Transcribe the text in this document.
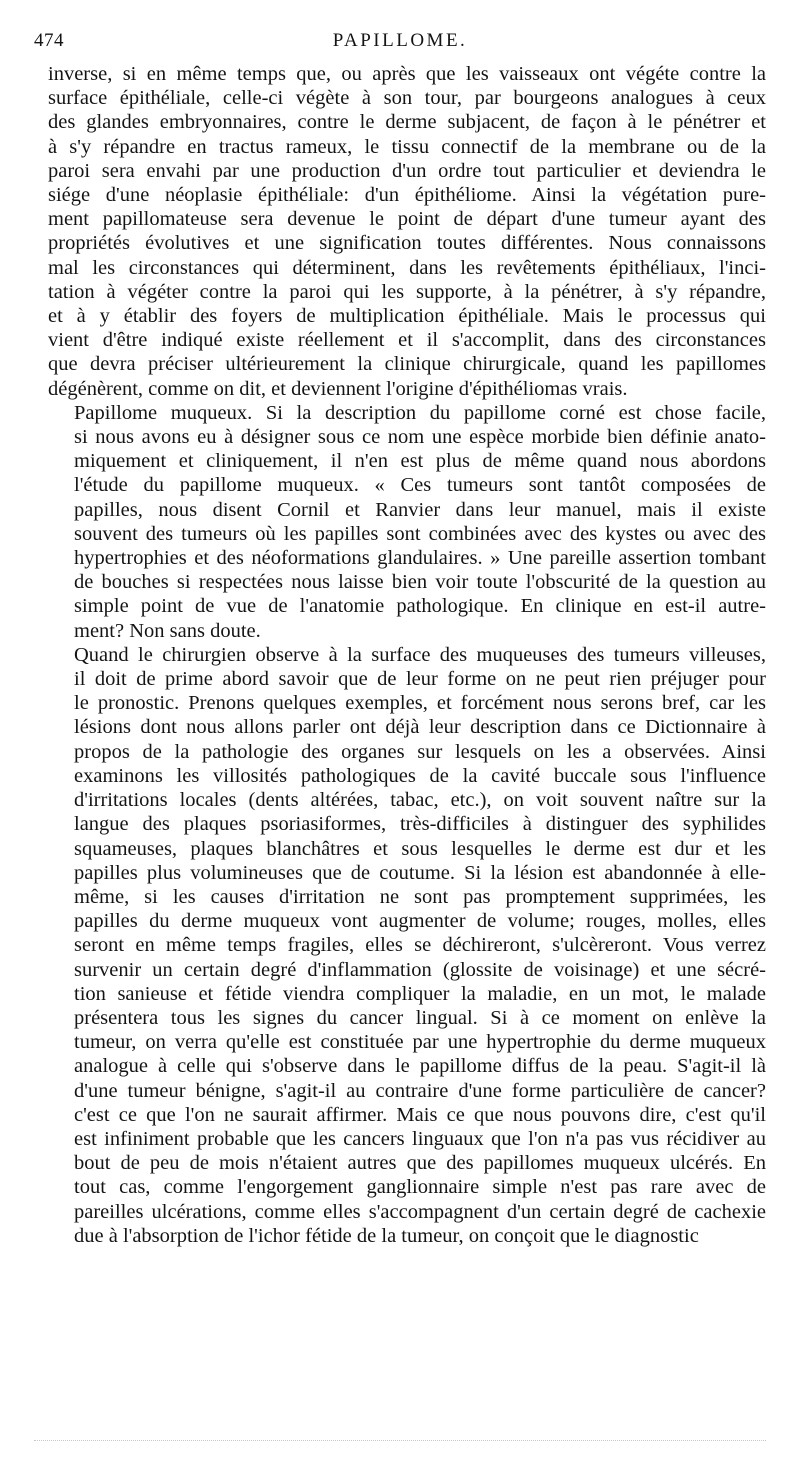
474	PAPILLOME.

inverse, si en même temps que, ou après que les vaisseaux ont végéte contre la
surface épithéliale, celle-ci végète à son tour, par bourgeons analogues à ceux
des glandes embryonnaires, contre le derme subjacent, de façon à le pénétrer et
à s'y répandre en tractus rameux, le tissu connectif de la membrane ou de la
paroi sera envahi par une production d'un ordre tout particulier et deviendra le
siége d'une néoplasie épithéliale: d'un épithéliome. Ainsi la végétation pure-
ment papillomateuse sera devenue le point de départ d'une tumeur ayant des
propriétés évolutives et une signification toutes différentes. Nous connaissons
mal les circonstances qui déterminent, dans les revêtements épithéliaux, l'inci-
tation à végéter contre la paroi qui les supporte, à la pénétrer, à s'y répandre,
et à y établir des foyers de multiplication épithéliale. Mais le processus qui
vient d'être indiqué existe réellement et il s'accomplit, dans des circonstances
que devra préciser ultérieurement la clinique chirurgicale, quand les papillomes
dégénèrent, comme on dit, et deviennent l'origine d'épithéliomas vrais.

Papillome muqueux. Si la description du papillome corné est chose facile,
si nous avons eu à désigner sous ce nom une espèce morbide bien définie anato-
miquement et cliniquement, il n'en est plus de même quand nous abordons
l'étude du papillome muqueux. « Ces tumeurs sont tantôt composées de
papilles, nous disent Cornil et Ranvier dans leur manuel, mais il existe
souvent des tumeurs où les papilles sont combinées avec des kystes ou avec des
hypertrophies et des néoformations glandulaires. » Une pareille assertion tombant
de bouches si respectées nous laisse bien voir toute l'obscurité de la question au
simple point de vue de l'anatomie pathologique. En clinique en est-il autre-
ment? Non sans doute.

Quand le chirurgien observe à la surface des muqueuses des tumeurs villeuses,
il doit de prime abord savoir que de leur forme on ne peut rien préjuger pour
le pronostic. Prenons quelques exemples, et forcément nous serons bref, car les
lésions dont nous allons parler ont déjà leur description dans ce Dictionnaire à
propos de la pathologie des organes sur lesquels on les a observées. Ainsi
examinons les villosités pathologiques de la cavité buccale sous l'influence
d'irritations locales (dents altérées, tabac, etc.), on voit souvent naître sur la
langue des plaques psoriasiformes, très-difficiles à distinguer des syphilides
squameuses, plaques blanchâtres et sous lesquelles le derme est dur et les
papilles plus volumineuses que de coutume. Si la lésion est abandonnée à elle-
même, si les causes d'irritation ne sont pas promptement supprimées, les
papilles du derme muqueux vont augmenter de volume; rouges, molles, elles
seront en même temps fragiles, elles se déchireront, s'ulcèreront. Vous verrez
survenir un certain degré d'inflammation (glossite de voisinage) et une sécré-
tion sanieuse et fétide viendra compliquer la maladie, en un mot, le malade
présentera tous les signes du cancer lingual. Si à ce moment on enlève la
tumeur, on verra qu'elle est constituée par une hypertrophie du derme muqueux
analogue à celle qui s'observe dans le papillome diffus de la peau. S'agit-il là
d'une tumeur bénigne, s'agit-il au contraire d'une forme particulière de cancer?
c'est ce que l'on ne saurait affirmer. Mais ce que nous pouvons dire, c'est qu'il
est infiniment probable que les cancers linguaux que l'on n'a pas vus récidiver au
bout de peu de mois n'étaient autres que des papillomes muqueux ulcérés. En
tout cas, comme l'engorgement ganglionnaire simple n'est pas rare avec de
pareilles ulcérations, comme elles s'accompagnent d'un certain degré de cachexie
due à l'absorption de l'ichor fétide de la tumeur, on conçoit que le diagnostic
